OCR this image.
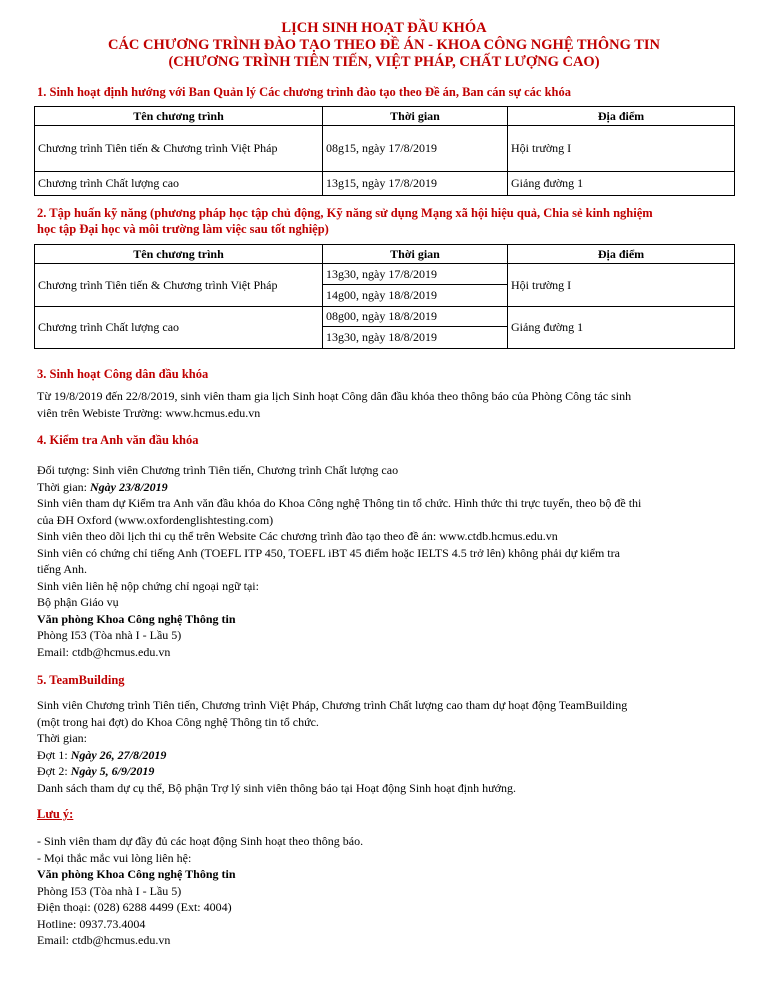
LỊCH SINH HOẠT ĐẦU KHÓA
CÁC CHƯƠNG TRÌNH ĐÀO TẠO THEO ĐỀ ÁN - KHOA CÔNG NGHỆ THÔNG TIN
(CHƯƠNG TRÌNH TIÊN TIẾN, VIỆT PHÁP, CHẤT LƯỢNG CAO)
1. Sinh hoạt định hướng với Ban Quản lý Các chương trình đào tạo theo Đề án, Ban cán sự các khóa
Tên chương trình	Thời gian	Địa điểm
Chương trình Tiên tiến & Chương trình Việt Pháp	08g15, ngày 17/8/2019	Hội trường I
Chương trình Chất lượng cao	13g15, ngày 17/8/2019	Giảng đường 1
2. Tập huấn kỹ năng (phương pháp học tập chủ động, Kỹ năng sử dụng Mạng xã hội hiệu quả, Chia sẻ kinh nghiệm
học tập Đại học và môi trường làm việc sau tốt nghiệp)
Tên chương trình	Thời gian	Địa điểm
Chương trình Tiên tiến & Chương trình Việt Pháp	13g30, ngày 17/8/2019	Hội trường I
	14g00, ngày 18/8/2019	
Chương trình Chất lượng cao	08g00, ngày 18/8/2019	Giảng đường 1
	13g30, ngày 18/8/2019	
3. Sinh hoạt Công dân đầu khóa
Từ 19/8/2019 đến 22/8/2019, sinh viên tham gia lịch Sinh hoạt Công dân đầu khóa theo thông báo của Phòng Công tác sinh
viên trên Webiste Trường: www.hcmus.edu.vn
4. Kiểm tra Anh văn đầu khóa
Đối tượng: Sinh viên Chương trình Tiên tiến, Chương trình Chất lượng cao
Thời gian: Ngày 23/8/2019
Sinh viên tham dự Kiểm tra Anh văn đầu khóa do Khoa Công nghệ Thông tin tổ chức. Hình thức thi trực tuyến, theo bộ đề thi
của ĐH Oxford (www.oxfordenglishtesting.com)
Sinh viên theo dõi lịch thi cụ thể trên Website Các chương trình đào tạo theo đề án: www.ctdb.hcmus.edu.vn
Sinh viên có chứng chỉ tiếng Anh (TOEFL ITP 450, TOEFL iBT 45 điểm hoặc IELTS 4.5 trở lên) không phải dự kiểm tra
tiếng Anh.
Sinh viên liên hệ nộp chứng chỉ ngoại ngữ tại:
Bộ phận Giáo vụ
Văn phòng Khoa Công nghệ Thông tin
Phòng I53 (Tòa nhà I - Lầu 5)
Email: ctdb@hcmus.edu.vn
5. TeamBuilding
Sinh viên Chương trình Tiên tiến, Chương trình Việt Pháp, Chương trình Chất lượng cao tham dự hoạt động TeamBuilding
(một trong hai đợt) do Khoa Công nghệ Thông tin tổ chức.
Thời gian:
Đợt 1: Ngày 26, 27/8/2019
Đợt 2: Ngày 5, 6/9/2019
Danh sách tham dự cụ thể, Bộ phận Trợ lý sinh viên thông báo tại Hoạt động Sinh hoạt định hướng.
Lưu ý:
- Sinh viên tham dự đầy đủ các hoạt động Sinh hoạt theo thông báo.
- Mọi thắc mắc vui lòng liên hệ:
Văn phòng Khoa Công nghệ Thông tin
Phòng I53 (Tòa nhà I - Lầu 5)
Điện thoại: (028) 6288 4499 (Ext: 4004)
Hotline: 0937.73.4004
Email: ctdb@hcmus.edu.vn
